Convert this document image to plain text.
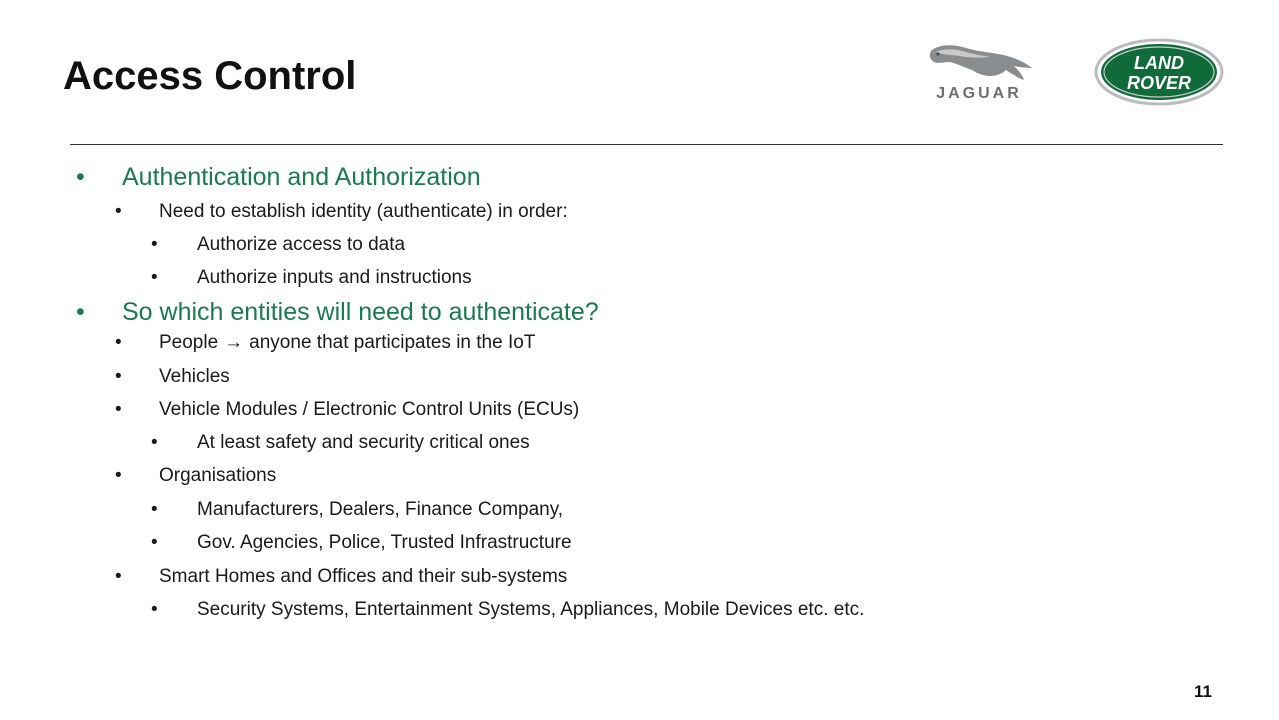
Access Control	JAGUAR
LAND
ROVER
• Authentication and Authorization
• Need to establish identity (authenticate) in order:
• Authorize access to data
• Authorize inputs and instructions
• So which entities will need to authenticate?
• People → anyone that participates in the IoT
• Vehicles
• Vehicle Modules / Electronic Control Units (ECUs)
• At least safety and security critical ones
• Organisations
• Manufacturers, Dealers, Finance Company,
• Gov. Agencies, Police, Trusted Infrastructure
• Smart Homes and Offices and their sub-systems
• Security Systems, Entertainment Systems, Appliances, Mobile Devices etc. etc.
11
